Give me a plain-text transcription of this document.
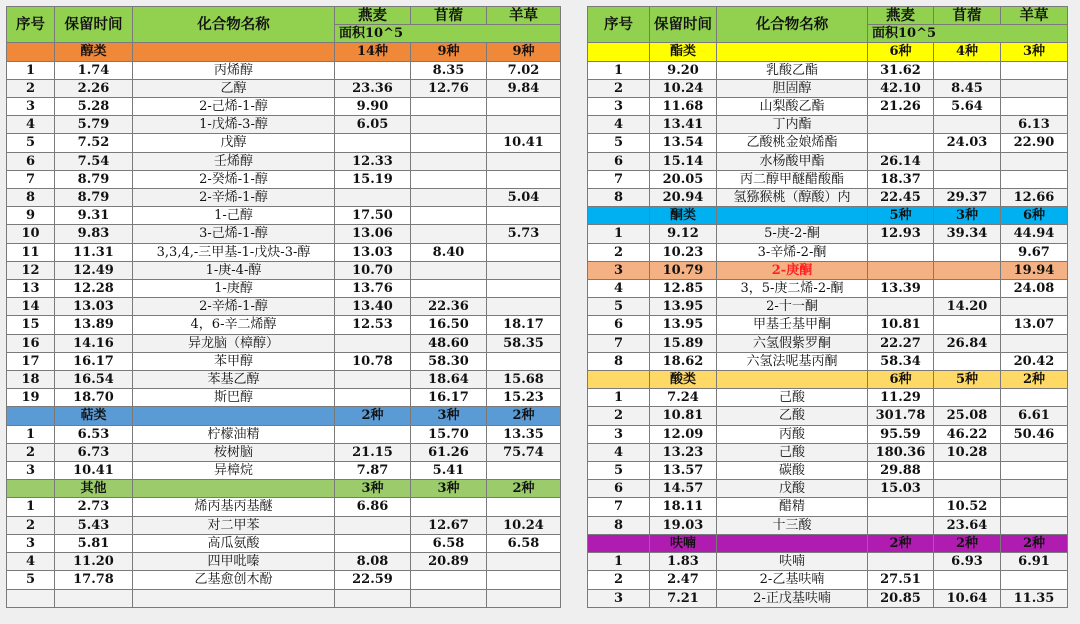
序号	保留时间	化合物名称	燕麦	苜蓿	羊草
			面积10^5		
	醇类		14种	9种	9种
1	1.74	丙烯醇		8.35	7.02
2	2.26	乙醇	23.36	12.76	9.84
3	5.28	2-己烯-1-醇	9.90		
4	5.79	1-戊烯-3-醇	6.05		
5	7.52	戊醇			10.41
6	7.54	壬烯醇	12.33		
7	8.79	2-癸烯-1-醇	15.19		
8	8.79	2-辛烯-1-醇			5.04
9	9.31	1-己醇	17.50		
10	9.83	3-己烯-1-醇	13.06		5.73
11	11.31	3,3,4,-三甲基-1-戊炔-3-醇	13.03	8.40	
12	12.49	1-庚-4-醇	10.70		
13	12.28	1-庚醇	13.76		
14	13.03	2-辛烯-1-醇	13.40	22.36	
15	13.89	4，6-辛二烯醇	12.53	16.50	18.17
16	14.16	异龙脑（樟醇）		48.60	58.35
17	16.17	苯甲醇	10.78	58.30	
18	16.54	苯基乙醇		18.64	15.68
19	18.70	斯巴醇		16.17	15.23
	萜类		2种	3种	2种
1	6.53	柠檬油精		15.70	13.35
2	6.73	桉树脑	21.15	61.26	75.74
3	10.41	异樟烷	7.87	5.41	
	其他		3种	3种	2种
1	2.73	烯丙基丙基醚	6.86		
2	5.43	对二甲苯		12.67	10.24
3	5.81	高瓜氨酸		6.58	6.58
4	11.20	四甲吡嗪	8.08	20.89	
5	17.78	乙基愈创木酚	22.59		

序号	保留时间	化合物名称	燕麦	苜蓿	羊草
			面积10^5		
	酯类		6种	4种	3种
1	9.20	乳酸乙酯	31.62		
2	10.24	胆固醇	42.10	8.45	
3	11.68	山梨酸乙酯	21.26	5.64	
4	13.41	丁内酯			6.13
5	13.54	乙酸桃金娘烯酯		24.03	22.90
6	15.14	水杨酸甲酯	26.14		
7	20.05	丙二醇甲醚醋酸酯	18.37		
8	20.94	氢猕猴桃（醇酸）内	22.45	29.37	12.66
	酮类		5种	3种	6种
1	9.12	5-庚-2-酮	12.93	39.34	44.94
2	10.23	3-辛烯-2-酮			9.67
3	10.79	2-庚酮			19.94
4	12.85	3，5-庚二烯-2-酮	13.39		24.08
5	13.95	2-十一酮		14.20	
6	13.95	甲基壬基甲酮	10.81		13.07
7	15.89	六氢假紫罗酮	22.27	26.84	
8	18.62	六氢法呢基丙酮	58.34		20.42
	酸类		6种	5种	2种
1	7.24	己酸	11.29		
2	10.81	乙酸	301.78	25.08	6.61
3	12.09	丙酸	95.59	46.22	50.46
4	13.23	己酸	180.36	10.28	
5	13.57	碳酸	29.88		
6	14.57	戊酸	15.03		
7	18.11	醋精		10.52	
8	19.03	十三酸		23.64	
	呋喃		2种	2种	2种
1	1.83	呋喃		6.93	6.91
2	2.47	2-乙基呋喃	27.51		
3	7.21	2-正戊基呋喃	20.85	10.64	11.35
